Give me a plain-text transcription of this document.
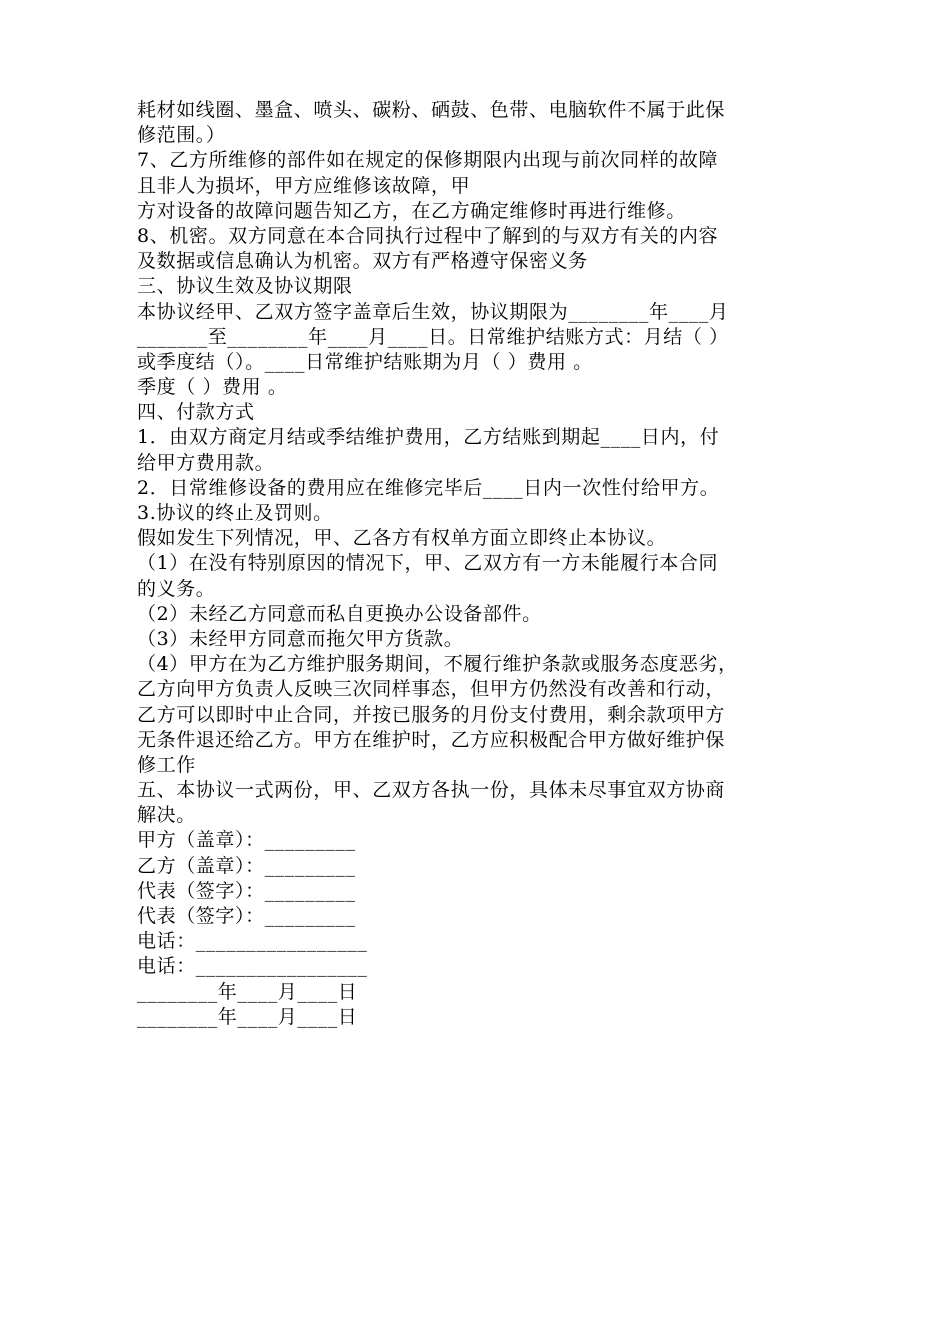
耗材如线圈、墨盒、喷头、碳粉、硒鼓、色带、电脑软件不属于此保
修范围。）
7、乙方所维修的部件如在规定的保修期限内出现与前次同样的故障
且非人为损坏，甲方应维修该故障，甲
方对设备的故障问题告知乙方，在乙方确定维修时再进行维修。
8、机密。双方同意在本合同执行过程中了解到的与双方有关的内容
及数据或信息确认为机密。双方有严格遵守保密义务
三、协议生效及协议期限
本协议经甲、乙双方签字盖章后生效，协议期限为________年____月
_______至________年____月____日。日常维护结账方式：月结（ ）
或季度结（）。____日常维护结账期为月（ ）费用 。
季度（ ）费用 。
四、付款方式
1．由双方商定月结或季结维护费用，乙方结账到期起____日内，付
给甲方费用款。
2．日常维修设备的费用应在维修完毕后____日内一次性付给甲方。
3.协议的终止及罚则。
假如发生下列情况，甲、乙各方有权单方面立即终止本协议。
（1）在没有特别原因的情况下，甲、乙双方有一方未能履行本合同
的义务。
（2）未经乙方同意而私自更换办公设备部件。
（3）未经甲方同意而拖欠甲方货款。
（4）甲方在为乙方维护服务期间，不履行维护条款或服务态度恶劣，
乙方向甲方负责人反映三次同样事态，但甲方仍然没有改善和行动，
乙方可以即时中止合同，并按已服务的月份支付费用，剩余款项甲方
无条件退还给乙方。甲方在维护时，乙方应积极配合甲方做好维护保
修工作
五、本协议一式两份，甲、乙双方各执一份，具体未尽事宜双方协商
解决。
甲方（盖章）：_________
乙方（盖章）：_________
代表（签字）：_________
代表（签字）：_________
电话：_________________
电话：_________________
________年____月____日
________年____月____日
